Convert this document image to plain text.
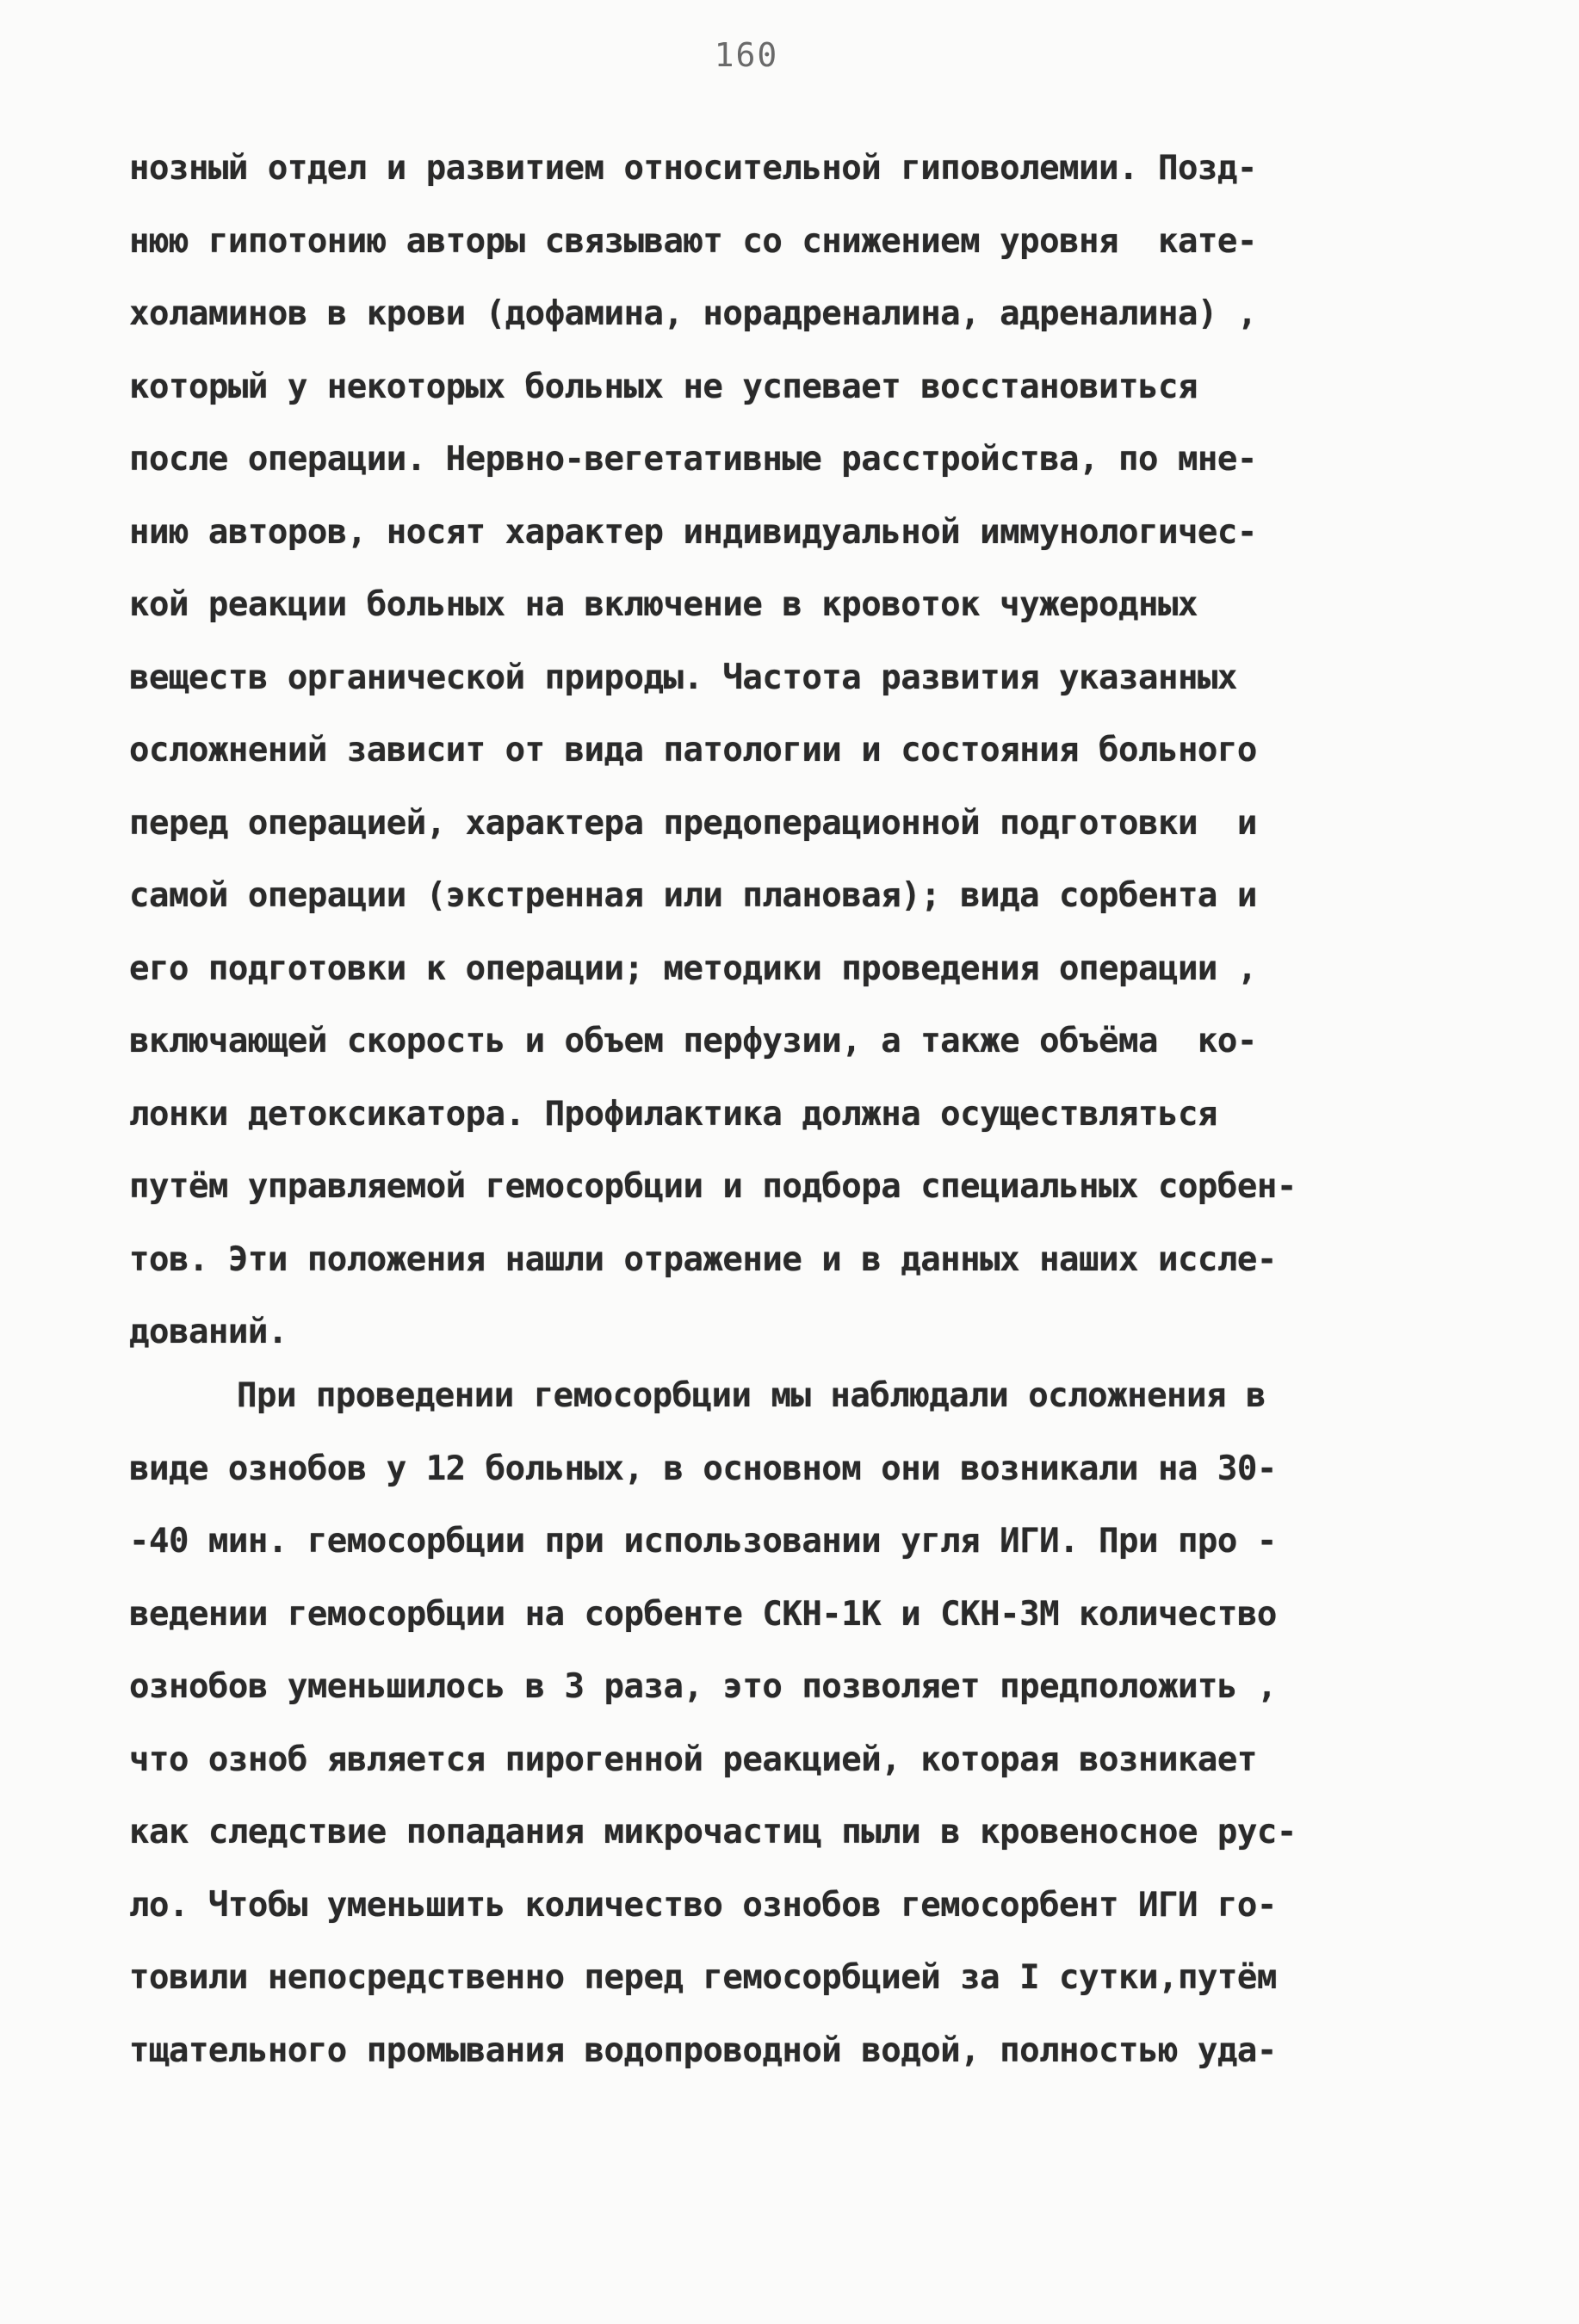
160
нозный отдел и развитием относительной гиповолемии. Позд-
нюю гипотонию авторы связывают со снижением уровня  кате-
холаминов в крови (дофамина, норадреналина, адреналина) ,
который у некоторых больных не успевает восстановиться
после операции. Нервно-вегетативные расстройства, по мне-
нию авторов, носят характер индивидуальной иммунологичес-
кой реакции больных на включение в кровоток чужеродных
веществ органической природы. Частота развития указанных
осложнений зависит от вида патологии и состояния больного
перед операцией, характера предоперационной подготовки  и
самой операции (экстренная или плановая); вида сорбента и
его подготовки к операции; методики проведения операции ,
включающей скорость и объем перфузии, а также объёма  ко-
лонки детоксикатора. Профилактика должна осуществляться
путём управляемой гемосорбции и подбора специальных сорбен-
тов. Эти положения нашли отражение и в данных наших иссле-
дований.
При проведении гемосорбции мы наблюдали осложнения в
виде ознобов у 12 больных, в основном они возникали на 30-
-40 мин. гемосорбции при использовании угля ИГИ. При про -
ведении гемосорбции на сорбенте СКН-1К и СКН-3М количество
ознобов уменьшилось в 3 раза, это позволяет предположить ,
что озноб является пирогенной реакцией, которая возникает
как следствие попадания микрочастиц пыли в кровеносное рус-
ло. Чтобы уменьшить количество ознобов гемосорбент ИГИ го-
товили непосредственно перед гемосорбцией за I сутки,путём
тщательного промывания водопроводной водой, полностью уда-
